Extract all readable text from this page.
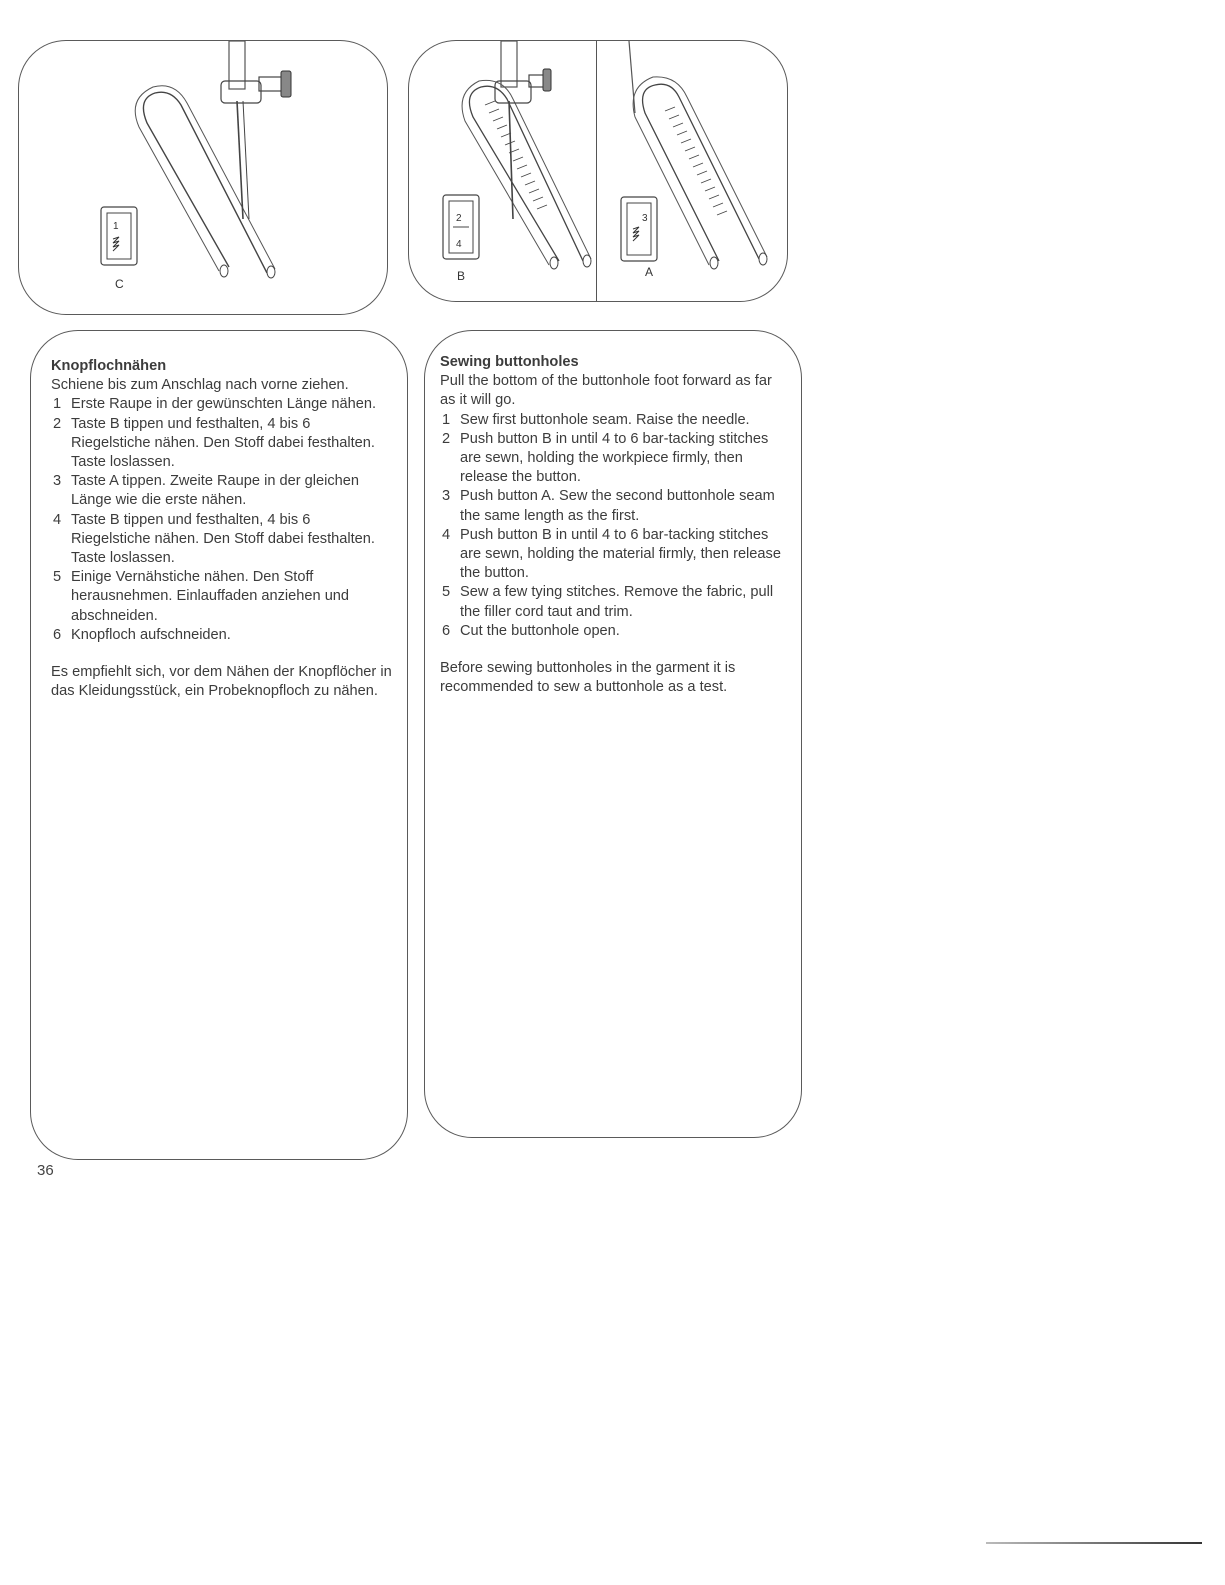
1
C
2
4
3
B	A
Knopflochnähen
Schiene bis zum Anschlag nach vorne ziehen.
1 Erste Raupe in der gewünschten Länge nähen.
2 Taste B tippen und festhalten, 4 bis 6 Riegelstiche nähen. Den Stoff dabei festhalten. Taste loslassen.
3 Taste A tippen. Zweite Raupe in der gleichen Länge wie die erste nähen.
4 Taste B tippen und festhalten, 4 bis 6 Riegelstiche nähen. Den Stoff dabei festhalten. Taste loslassen.
5 Einige Vernähstiche nähen. Den Stoff herausnehmen. Einlauffaden anziehen und abschneiden.
6 Knopfloch aufschneiden.
Es empfiehlt sich, vor dem Nähen der Knopflöcher in das Kleidungsstück, ein Probeknopfloch zu nähen.
Sewing buttonholes
Pull the bottom of the buttonhole foot forward as far as it will go.
1 Sew first buttonhole seam. Raise the needle.
2 Push button B in until 4 to 6 bar-tacking stitches are sewn, holding the workpiece firmly, then release the button.
3 Push button A. Sew the second buttonhole seam the same length as the first.
4 Push button B in until 4 to 6 bar-tacking stitches are sewn, holding the material firmly, then release the button.
5 Sew a few tying stitches. Remove the fabric, pull the filler cord taut and trim.
6 Cut the buttonhole open.
Before sewing buttonholes in the garment it is recommended to sew a buttonhole as a test.
36
